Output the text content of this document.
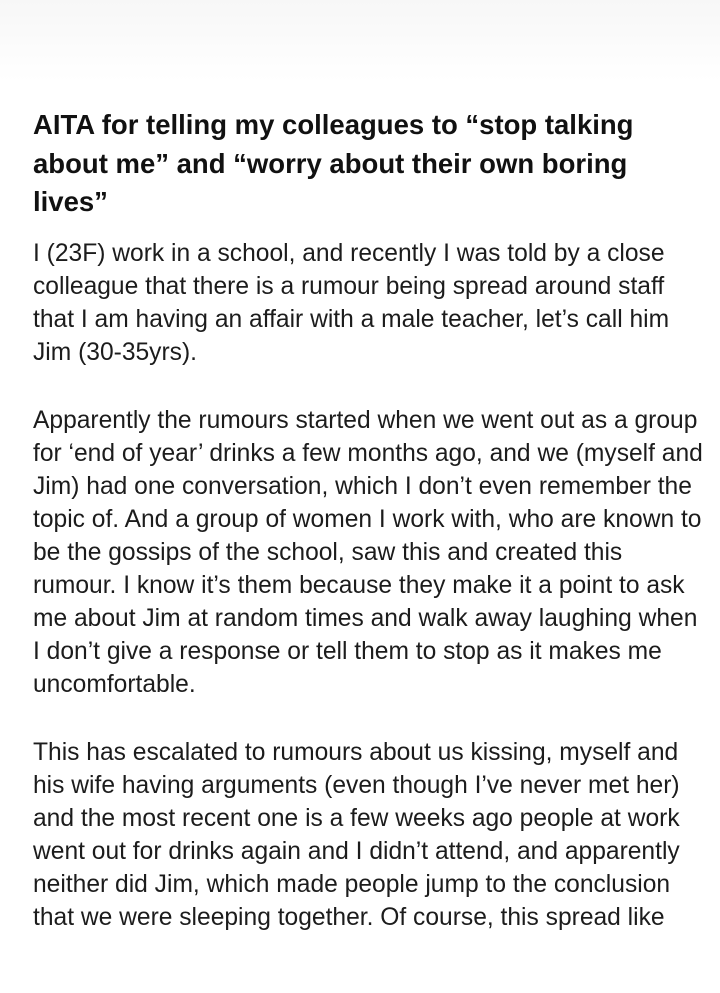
AITA for telling my colleagues to “stop talking about me” and “worry about their own boring lives”

I (23F) work in a school, and recently I was told by a close colleague that there is a rumour being spread around staff that I am having an affair with a male teacher, let’s call him Jim (30-35yrs).

Apparently the rumours started when we went out as a group for ‘end of year’ drinks a few months ago, and we (myself and Jim) had one conversation, which I don’t even remember the topic of. And a group of women I work with, who are known to be the gossips of the school, saw this and created this rumour. I know it’s them because they make it a point to ask me about Jim at random times and walk away laughing when I don’t give a response or tell them to stop as it makes me uncomfortable.

This has escalated to rumours about us kissing, myself and his wife having arguments (even though I’ve never met her) and the most recent one is a few weeks ago people at work went out for drinks again and I didn’t attend, and apparently neither did Jim, which made people jump to the conclusion that we were sleeping together. Of course, this spread like
